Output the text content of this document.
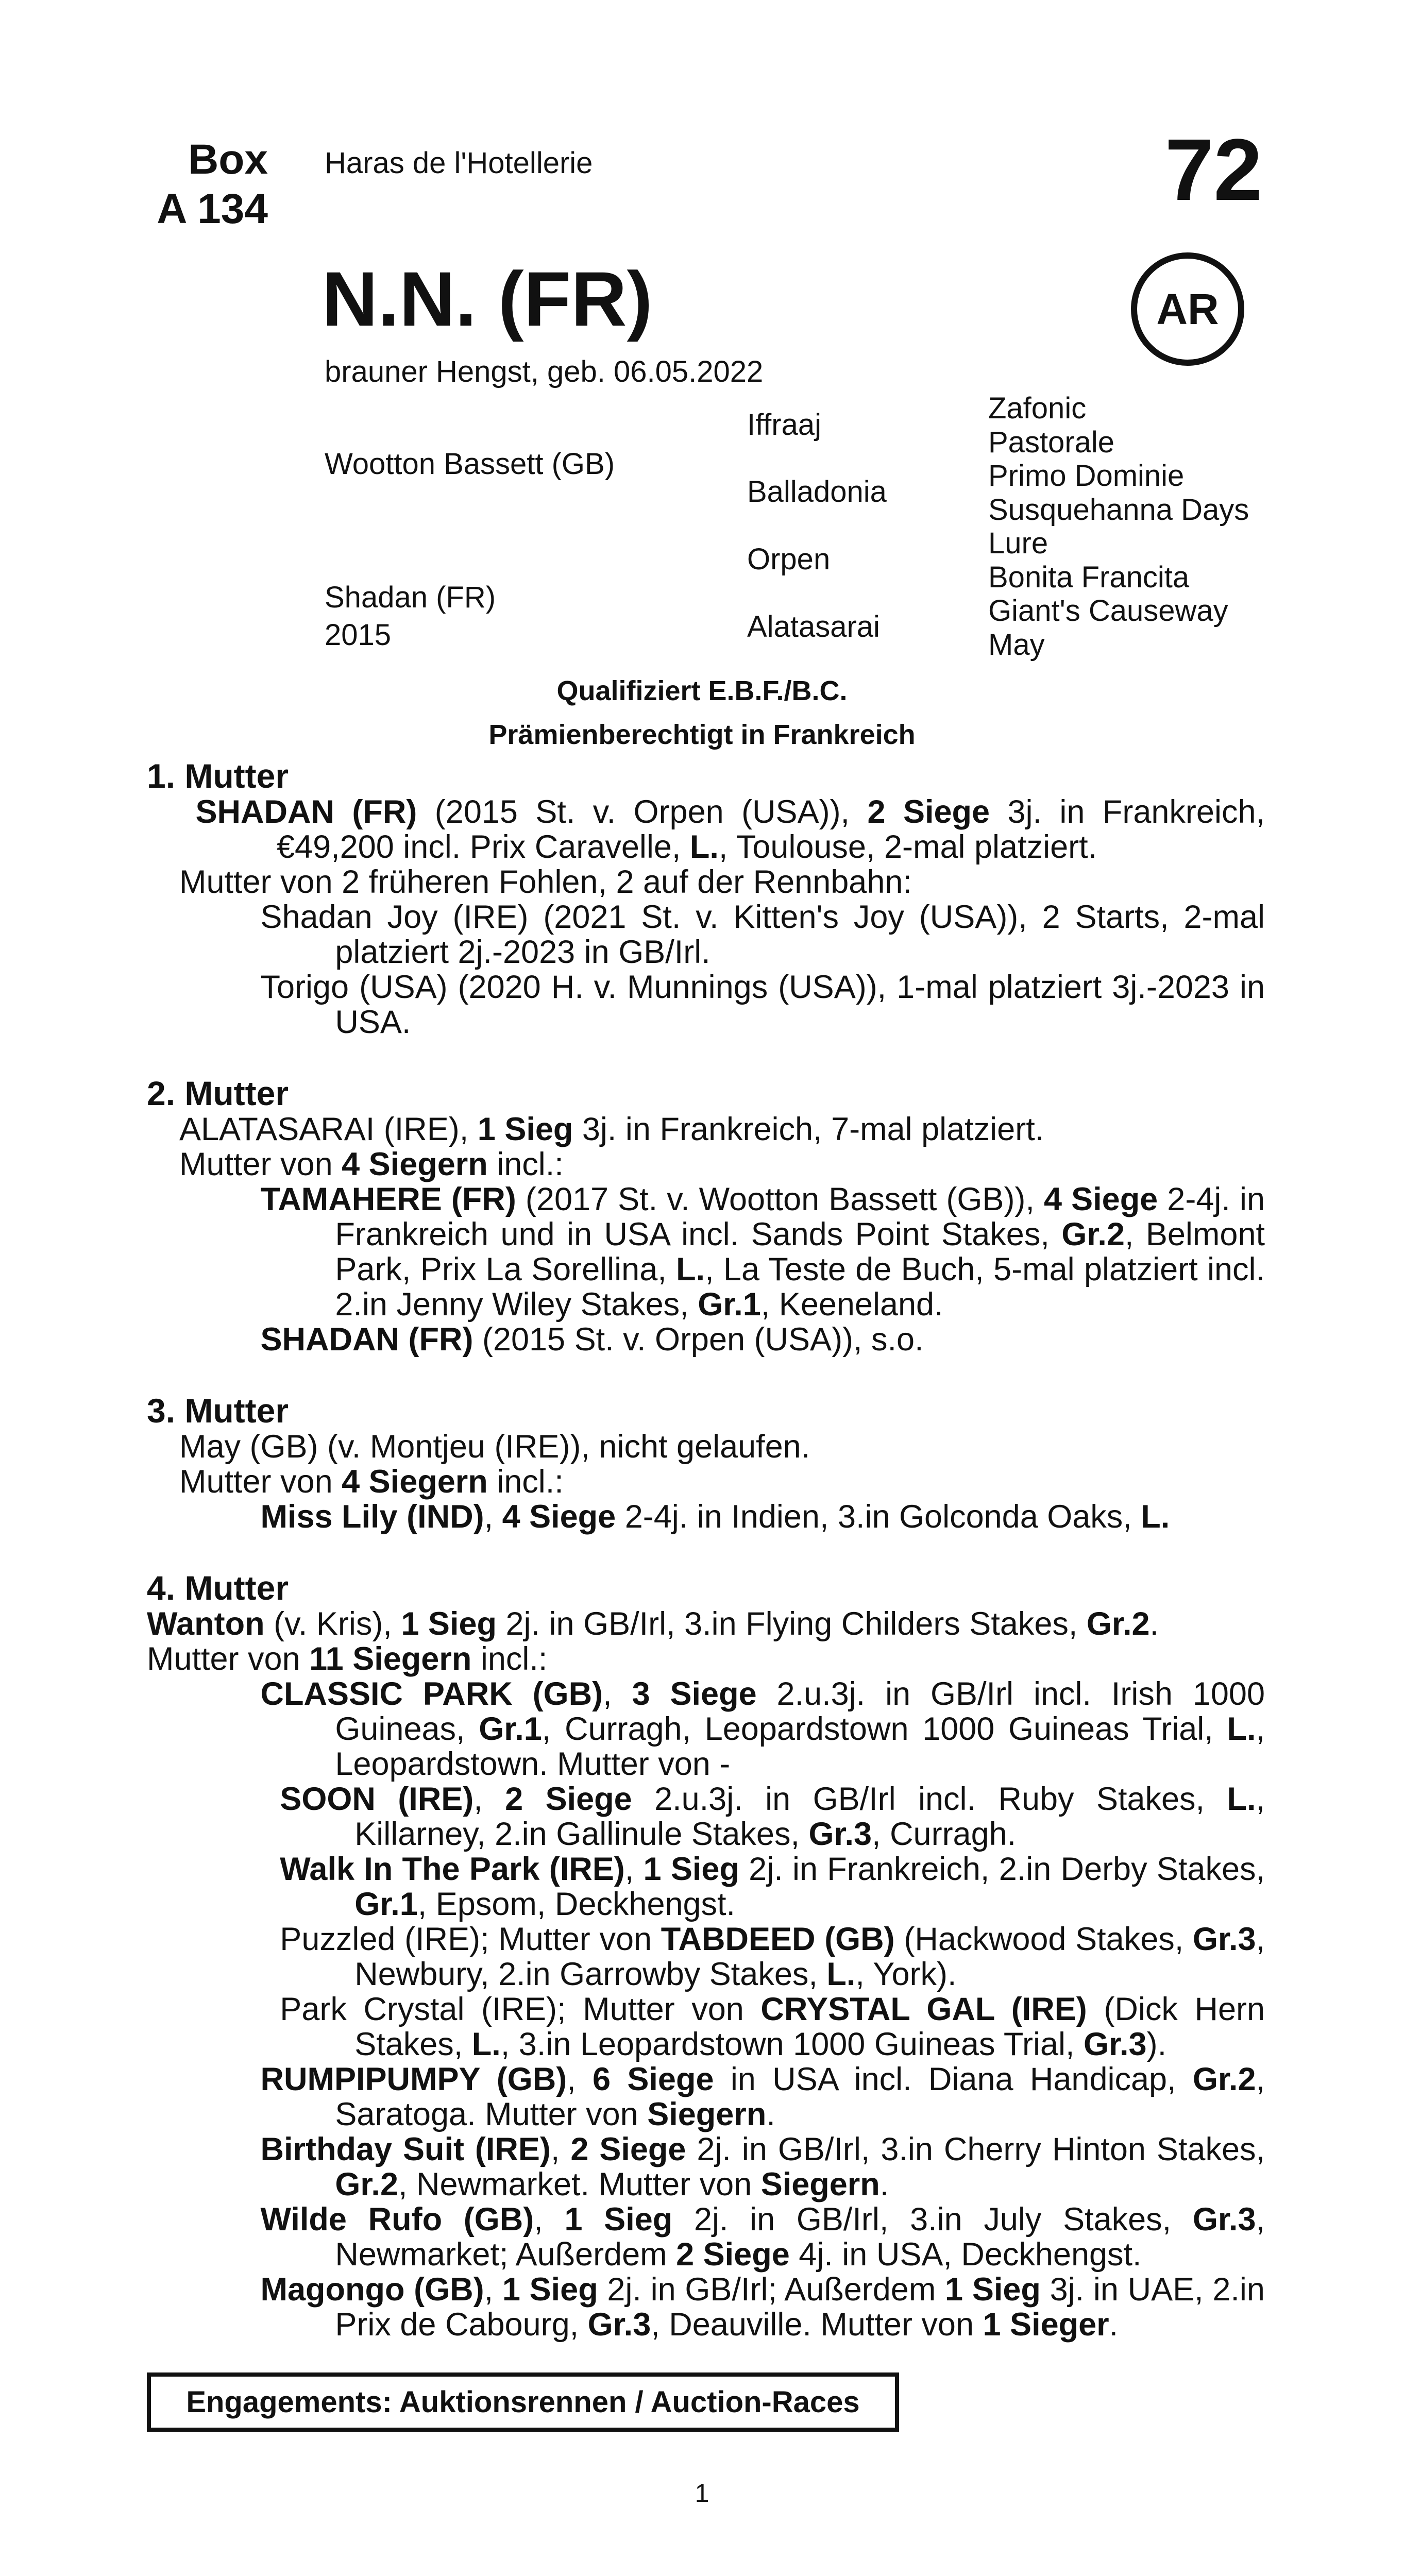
Box
A 134
Haras de l'Hotellerie	72
AR
N.N. (FR)
brauner Hengst, geb. 06.05.2022
Wootton Bassett (GB)
Shadan (FR)
2015
Iffraaj
Balladonia
Orpen
Alatasarai
Zafonic
Pastorale
Primo Dominie
Susquehanna Days
Lure
Bonita Francita
Giant's Causeway
May
Qualifiziert E.B.F./B.C.
Prämienberechtigt in Frankreich
1. Mutter
SHADAN (FR) (2015 St. v. Orpen (USA)), 2 Siege 3j. in Frankreich, €49,200 incl. Prix Caravelle, L., Toulouse, 2-mal platziert.
Mutter von 2 früheren Fohlen, 2 auf der Rennbahn:
Shadan Joy (IRE) (2021 St. v. Kitten's Joy (USA)), 2 Starts, 2-mal platziert 2j.-2023 in GB/Irl.
Torigo (USA) (2020 H. v. Munnings (USA)), 1-mal platziert 3j.-2023 in USA.
2. Mutter
ALATASARAI (IRE), 1 Sieg 3j. in Frankreich, 7-mal platziert.
Mutter von 4 Siegern incl.:
TAMAHERE (FR) (2017 St. v. Wootton Bassett (GB)), 4 Siege 2-4j. in Frankreich und in USA incl. Sands Point Stakes, Gr.2, Belmont Park, Prix La Sorellina, L., La Teste de Buch, 5-mal platziert incl. 2.in Jenny Wiley Stakes, Gr.1, Keeneland.
SHADAN (FR) (2015 St. v. Orpen (USA)), s.o.
3. Mutter
May (GB) (v. Montjeu (IRE)), nicht gelaufen.
Mutter von 4 Siegern incl.:
Miss Lily (IND), 4 Siege 2-4j. in Indien, 3.in Golconda Oaks, L.
4. Mutter
Wanton (v. Kris), 1 Sieg 2j. in GB/Irl, 3.in Flying Childers Stakes, Gr.2.
Mutter von 11 Siegern incl.:
CLASSIC PARK (GB), 3 Siege 2.u.3j. in GB/Irl incl. Irish 1000 Guineas, Gr.1, Curragh, Leopardstown 1000 Guineas Trial, L., Leopardstown. Mutter von -
SOON (IRE), 2 Siege 2.u.3j. in GB/Irl incl. Ruby Stakes, L., Killarney, 2.in Gallinule Stakes, Gr.3, Curragh.
Walk In The Park (IRE), 1 Sieg 2j. in Frankreich, 2.in Derby Stakes, Gr.1, Epsom, Deckhengst.
Puzzled (IRE); Mutter von TABDEED (GB) (Hackwood Stakes, Gr.3, Newbury, 2.in Garrowby Stakes, L., York).
Park Crystal (IRE); Mutter von CRYSTAL GAL (IRE) (Dick Hern Stakes, L., 3.in Leopardstown 1000 Guineas Trial, Gr.3).
RUMPIPUMPY (GB), 6 Siege in USA incl. Diana Handicap, Gr.2, Saratoga. Mutter von Siegern.
Birthday Suit (IRE), 2 Siege 2j. in GB/Irl, 3.in Cherry Hinton Stakes, Gr.2, Newmarket. Mutter von Siegern.
Wilde Rufo (GB), 1 Sieg 2j. in GB/Irl, 3.in July Stakes, Gr.3, Newmarket; Außerdem 2 Siege 4j. in USA, Deckhengst.
Magongo (GB), 1 Sieg 2j. in GB/Irl; Außerdem 1 Sieg 3j. in UAE, 2.in Prix de Cabourg, Gr.3, Deauville. Mutter von 1 Sieger.
Engagements: Auktionsrennen / Auction-Races
1
